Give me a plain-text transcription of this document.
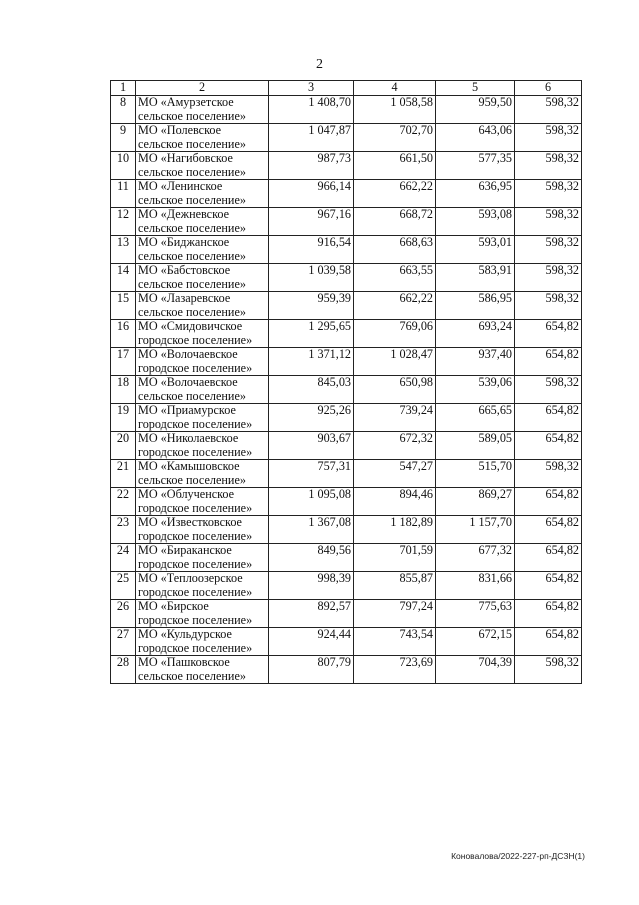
2
1	2	3	4	5	6
8	МО «Амурзетское
сельское поселение»	1 408,70	1 058,58	959,50	598,32
9	МО «Полевское
сельское поселение»	1 047,87	702,70	643,06	598,32
10	МО «Нагибовское
сельское поселение»	987,73	661,50	577,35	598,32
11	МО «Ленинское
сельское поселение»	966,14	662,22	636,95	598,32
12	МО «Дежневское
сельское поселение»	967,16	668,72	593,08	598,32
13	МО «Биджанское
сельское поселение»	916,54	668,63	593,01	598,32
14	МО «Бабстовское
сельское поселение»	1 039,58	663,55	583,91	598,32
15	МО «Лазаревское
сельское поселение»	959,39	662,22	586,95	598,32
16	МО «Смидовичское
городское поселение»	1 295,65	769,06	693,24	654,82
17	МО «Волочаевское
городское поселение»	1 371,12	1 028,47	937,40	654,82
18	МО «Волочаевское
сельское поселение»	845,03	650,98	539,06	598,32
19	МО «Приамурское
городское поселение»	925,26	739,24	665,65	654,82
20	МО «Николаевское
городское поселение»	903,67	672,32	589,05	654,82
21	МО «Камышовское
сельское поселение»	757,31	547,27	515,70	598,32
22	МО «Облученское
городское поселение»	1 095,08	894,46	869,27	654,82
23	МО «Известковское
городское поселение»	1 367,08	1 182,89	1 157,70	654,82
24	МО «Бираканское
городское поселение»	849,56	701,59	677,32	654,82
25	МО «Теплоозерское
городское поселение»	998,39	855,87	831,66	654,82
26	МО «Бирское
городское поселение»	892,57	797,24	775,63	654,82
27	МО «Кульдурское
городское поселение»	924,44	743,54	672,15	654,82
28	МО «Пашковское
сельское поселение»	807,79	723,69	704,39	598,32
Коновалова/2022-227-рп-ДСЗН(1)
